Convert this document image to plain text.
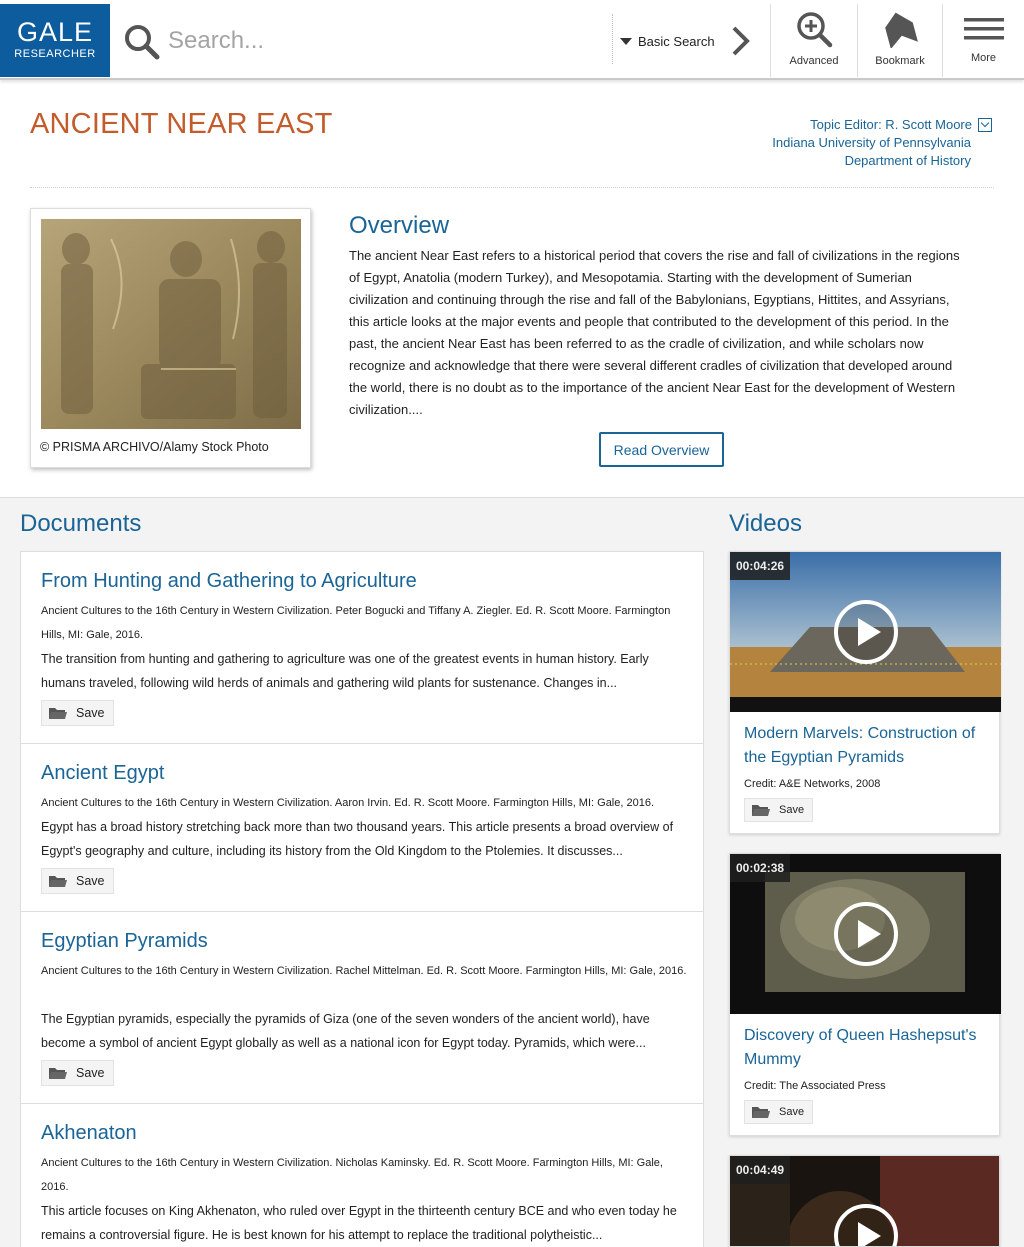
GALE
RESEARCHER
Search...
Basic Search
Advanced	Bookmark	More
ANCIENT NEAR EAST	Topic Editor: R. Scott Moore
Indiana University of Pennsylvania
Department of History
© PRISMA ARCHIVO/Alamy Stock Photo
Overview

The ancient Near East refers to a historical period that covers the rise and fall of civilizations in the regions of Egypt, Anatolia (modern Turkey), and Mesopotamia. Starting with the development of Sumerian civilization and continuing through the rise and fall of the Babylonians, Egyptians, Hittites, and Assyrians, this article looks at the major events and people that contributed to the development of this period. In the past, the ancient Near East has been referred to as the cradle of civilization, and while scholars now recognize and acknowledge that there were several different cradles of civilization that developed around the world, there is no doubt as to the importance of the ancient Near East for the development of Western civilization....

Read Overview
Documents	Videos
From Hunting and Gathering to Agriculture
Ancient Cultures to the 16th Century in Western Civilization. Peter Bogucki and Tiffany A. Ziegler. Ed. R. Scott Moore. Farmington Hills, MI: Gale, 2016.
The transition from hunting and gathering to agriculture was one of the greatest events in human history. Early humans traveled, following wild herds of animals and gathering wild plants for sustenance. Changes in...
Save
Ancient Egypt
Ancient Cultures to the 16th Century in Western Civilization. Aaron Irvin. Ed. R. Scott Moore. Farmington Hills, MI: Gale, 2016.
Egypt has a broad history stretching back more than two thousand years. This article presents a broad overview of Egypt's geography and culture, including its history from the Old Kingdom to the Ptolemies. It discusses...
Save
Egyptian Pyramids
Ancient Cultures to the 16th Century in Western Civilization. Rachel Mittelman. Ed. R. Scott Moore. Farmington Hills, MI: Gale, 2016.
The Egyptian pyramids, especially the pyramids of Giza (one of the seven wonders of the ancient world), have become a symbol of ancient Egypt globally as well as a national icon for Egypt today. Pyramids, which were...
Save
Akhenaton
Ancient Cultures to the 16th Century in Western Civilization. Nicholas Kaminsky. Ed. R. Scott Moore. Farmington Hills, MI: Gale, 2016.
This article focuses on King Akhenaton, who ruled over Egypt in the thirteenth century BCE and who even today he remains a controversial figure. He is best known for his attempt to replace the traditional polytheistic...
00:04:26
Modern Marvels: Construction of the Egyptian Pyramids
Credit: A&E Networks, 2008
Save
00:02:38
Discovery of Queen Hashepsut's Mummy
Credit: The Associated Press
Save
00:04:49
